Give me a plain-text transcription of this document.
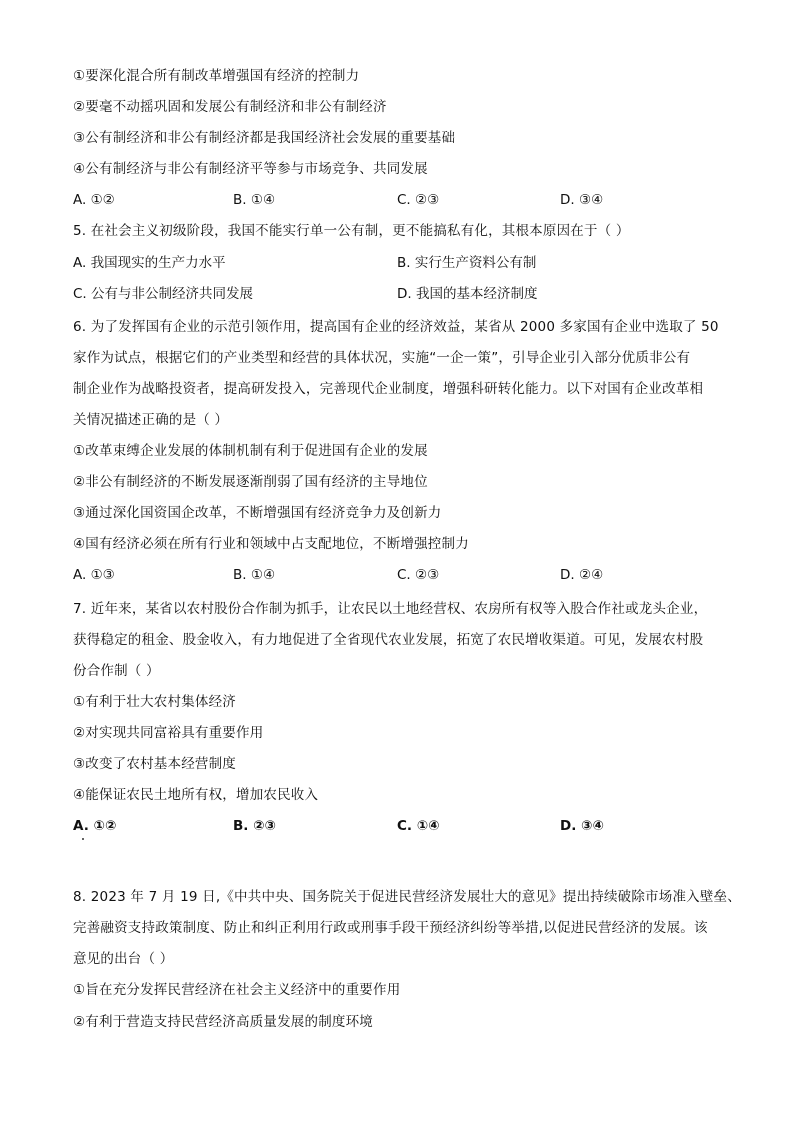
①要深化混合所有制改革增强国有经济的控制力
②要毫不动摇巩固和发展公有制经济和非公有制经济
③公有制经济和非公有制经济都是我国经济社会发展的重要基础
④公有制经济与非公有制经济平等参与市场竞争、共同发展
A. ①②	B. ①④	C. ②③	D. ③④
5. 在社会主义初级阶段，我国不能实行单一公有制，更不能搞私有化，其根本原因在于（ ）
A. 我国现实的生产力水平	B. 实行生产资料公有制
C. 公有与非公制经济共同发展	D. 我国的基本经济制度
6. 为了发挥国有企业的示范引领作用，提高国有企业的经济效益，某省从 2000 多家国有企业中选取了 50
家作为试点，根据它们的产业类型和经营的具体状况，实施“一企一策”，引导企业引入部分优质非公有
制企业作为战略投资者，提高研发投入，完善现代企业制度，增强科研转化能力。以下对国有企业改革相
关情况描述正确的是（ ）
①改革束缚企业发展的体制机制有利于促进国有企业的发展
②非公有制经济的不断发展逐渐削弱了国有经济的主导地位
③通过深化国资国企改革，不断增强国有经济竞争力及创新力
④国有经济必须在所有行业和领域中占支配地位，不断增强控制力
A. ①③	B. ①④	C. ②③	D. ②④
7. 近年来，某省以农村股份合作制为抓手，让农民以土地经营权、农房所有权等入股合作社或龙头企业，
获得稳定的租金、股金收入，有力地促进了全省现代农业发展，拓宽了农民增收渠道。可见，发展农村股
份合作制（ ）
①有利于壮大农村集体经济
②对实现共同富裕具有重要作用
③改变了农村基本经营制度
④能保证农民土地所有权，增加农民收入
A. ①②	B. ②③	C. ①④	D. ③④
8. 2023 年 7 月 19 日,《中共中央、国务院关于促进民营经济发展壮大的意见》提出持续破除市场准入壁垒、
完善融资支持政策制度、防止和纠正利用行政或刑事手段干预经济纠纷等举措,以促进民营经济的发展。该
意见的出台（ ）
①旨在充分发挥民营经济在社会主义经济中的重要作用
②有利于营造支持民营经济高质量发展的制度环境
